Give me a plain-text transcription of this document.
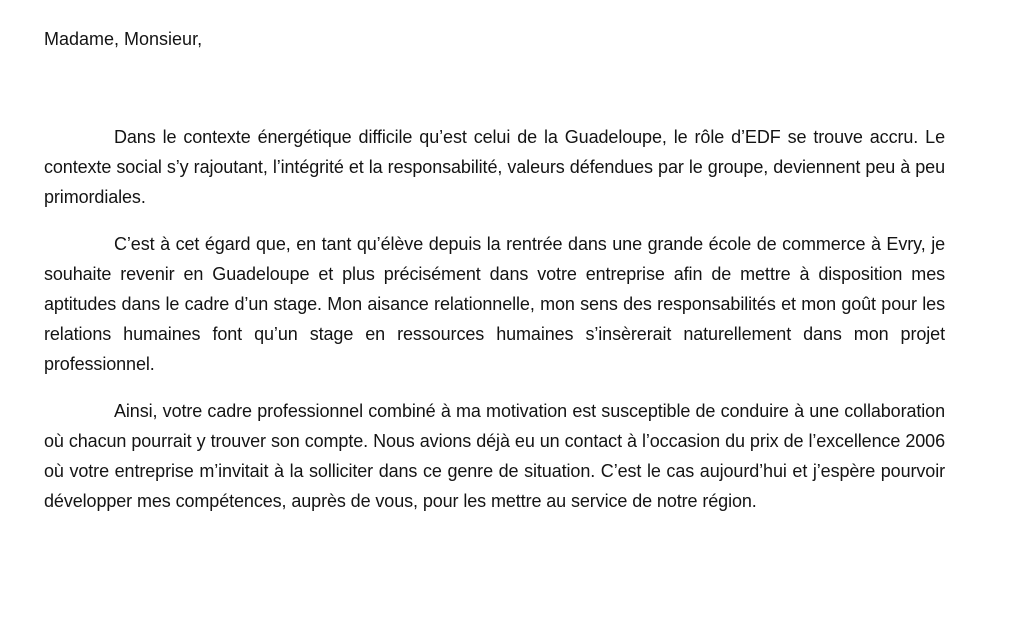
Madame, Monsieur,

Dans le contexte énergétique difficile qu’est celui de la Guadeloupe, le rôle d’EDF se trouve accru. Le contexte social s’y rajoutant, l’intégrité et la responsabilité, valeurs défendues par le groupe, deviennent peu à peu primordiales.

C’est à cet égard que, en tant qu’élève depuis la rentrée dans une grande école de commerce à Evry, je souhaite revenir en Guadeloupe et plus précisément dans votre entreprise afin de mettre à disposition mes aptitudes dans le cadre d’un stage. Mon aisance relationnelle, mon sens des responsabilités et mon goût pour les relations humaines font qu’un stage en ressources humaines s’insèrerait naturellement dans mon projet professionnel.

Ainsi, votre cadre professionnel combiné à ma motivation est susceptible de conduire à une collaboration où chacun pourrait y trouver son compte. Nous avions déjà eu un contact à l’occasion du prix de l’excellence 2006 où votre entreprise m’invitait à la solliciter dans ce genre de situation. C’est le cas aujourd’hui et j’espère pourvoir développer mes compétences, auprès de vous, pour les mettre au service de notre région.
